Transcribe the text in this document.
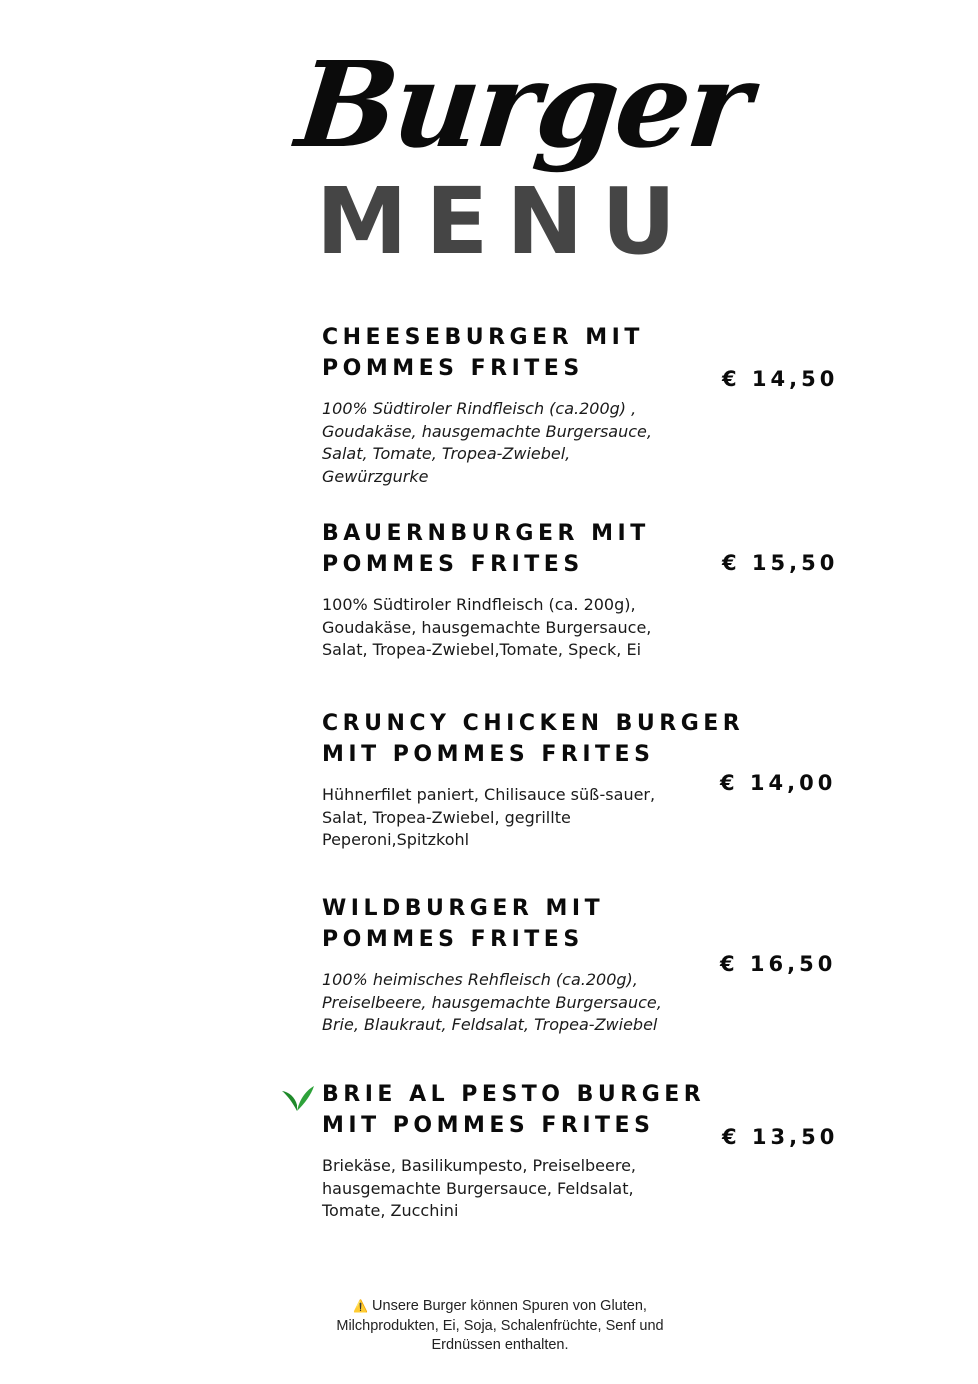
Burger
MENU
CHEESEBURGER MIT
POMMES FRITES
100% Südtiroler Rindfleisch (ca.200g) ,
Goudakäse, hausgemachte Burgersauce,
Salat, Tomate, Tropea-Zwiebel,
Gewürzgurke
€ 14,50
BAUERNBURGER MIT
POMMES FRITES
100% Südtiroler Rindfleisch (ca. 200g),
Goudakäse, hausgemachte Burgersauce,
Salat, Tropea-Zwiebel,Tomate, Speck, Ei
€ 15,50
CRUNCY CHICKEN BURGER
MIT POMMES FRITES
Hühnerfilet paniert, Chilisauce süß-sauer,
Salat, Tropea-Zwiebel, gegrillte
Peperoni,Spitzkohl
€ 14,00
WILDBURGER MIT
POMMES FRITES
100% heimisches Rehfleisch (ca.200g),
Preiselbeere, hausgemachte Burgersauce,
Brie, Blaukraut, Feldsalat, Tropea-Zwiebel
€ 16,50
BRIE AL PESTO BURGER
MIT POMMES FRITES
Briekäse, Basilikumpesto, Preiselbeere,
hausgemachte Burgersauce, Feldsalat,
Tomate, Zucchini
€ 13,50
⚠️ Unsere Burger können Spuren von Gluten, Milchprodukten, Ei, Soja, Schalenfrüchte, Senf und Erdnüssen enthalten.
